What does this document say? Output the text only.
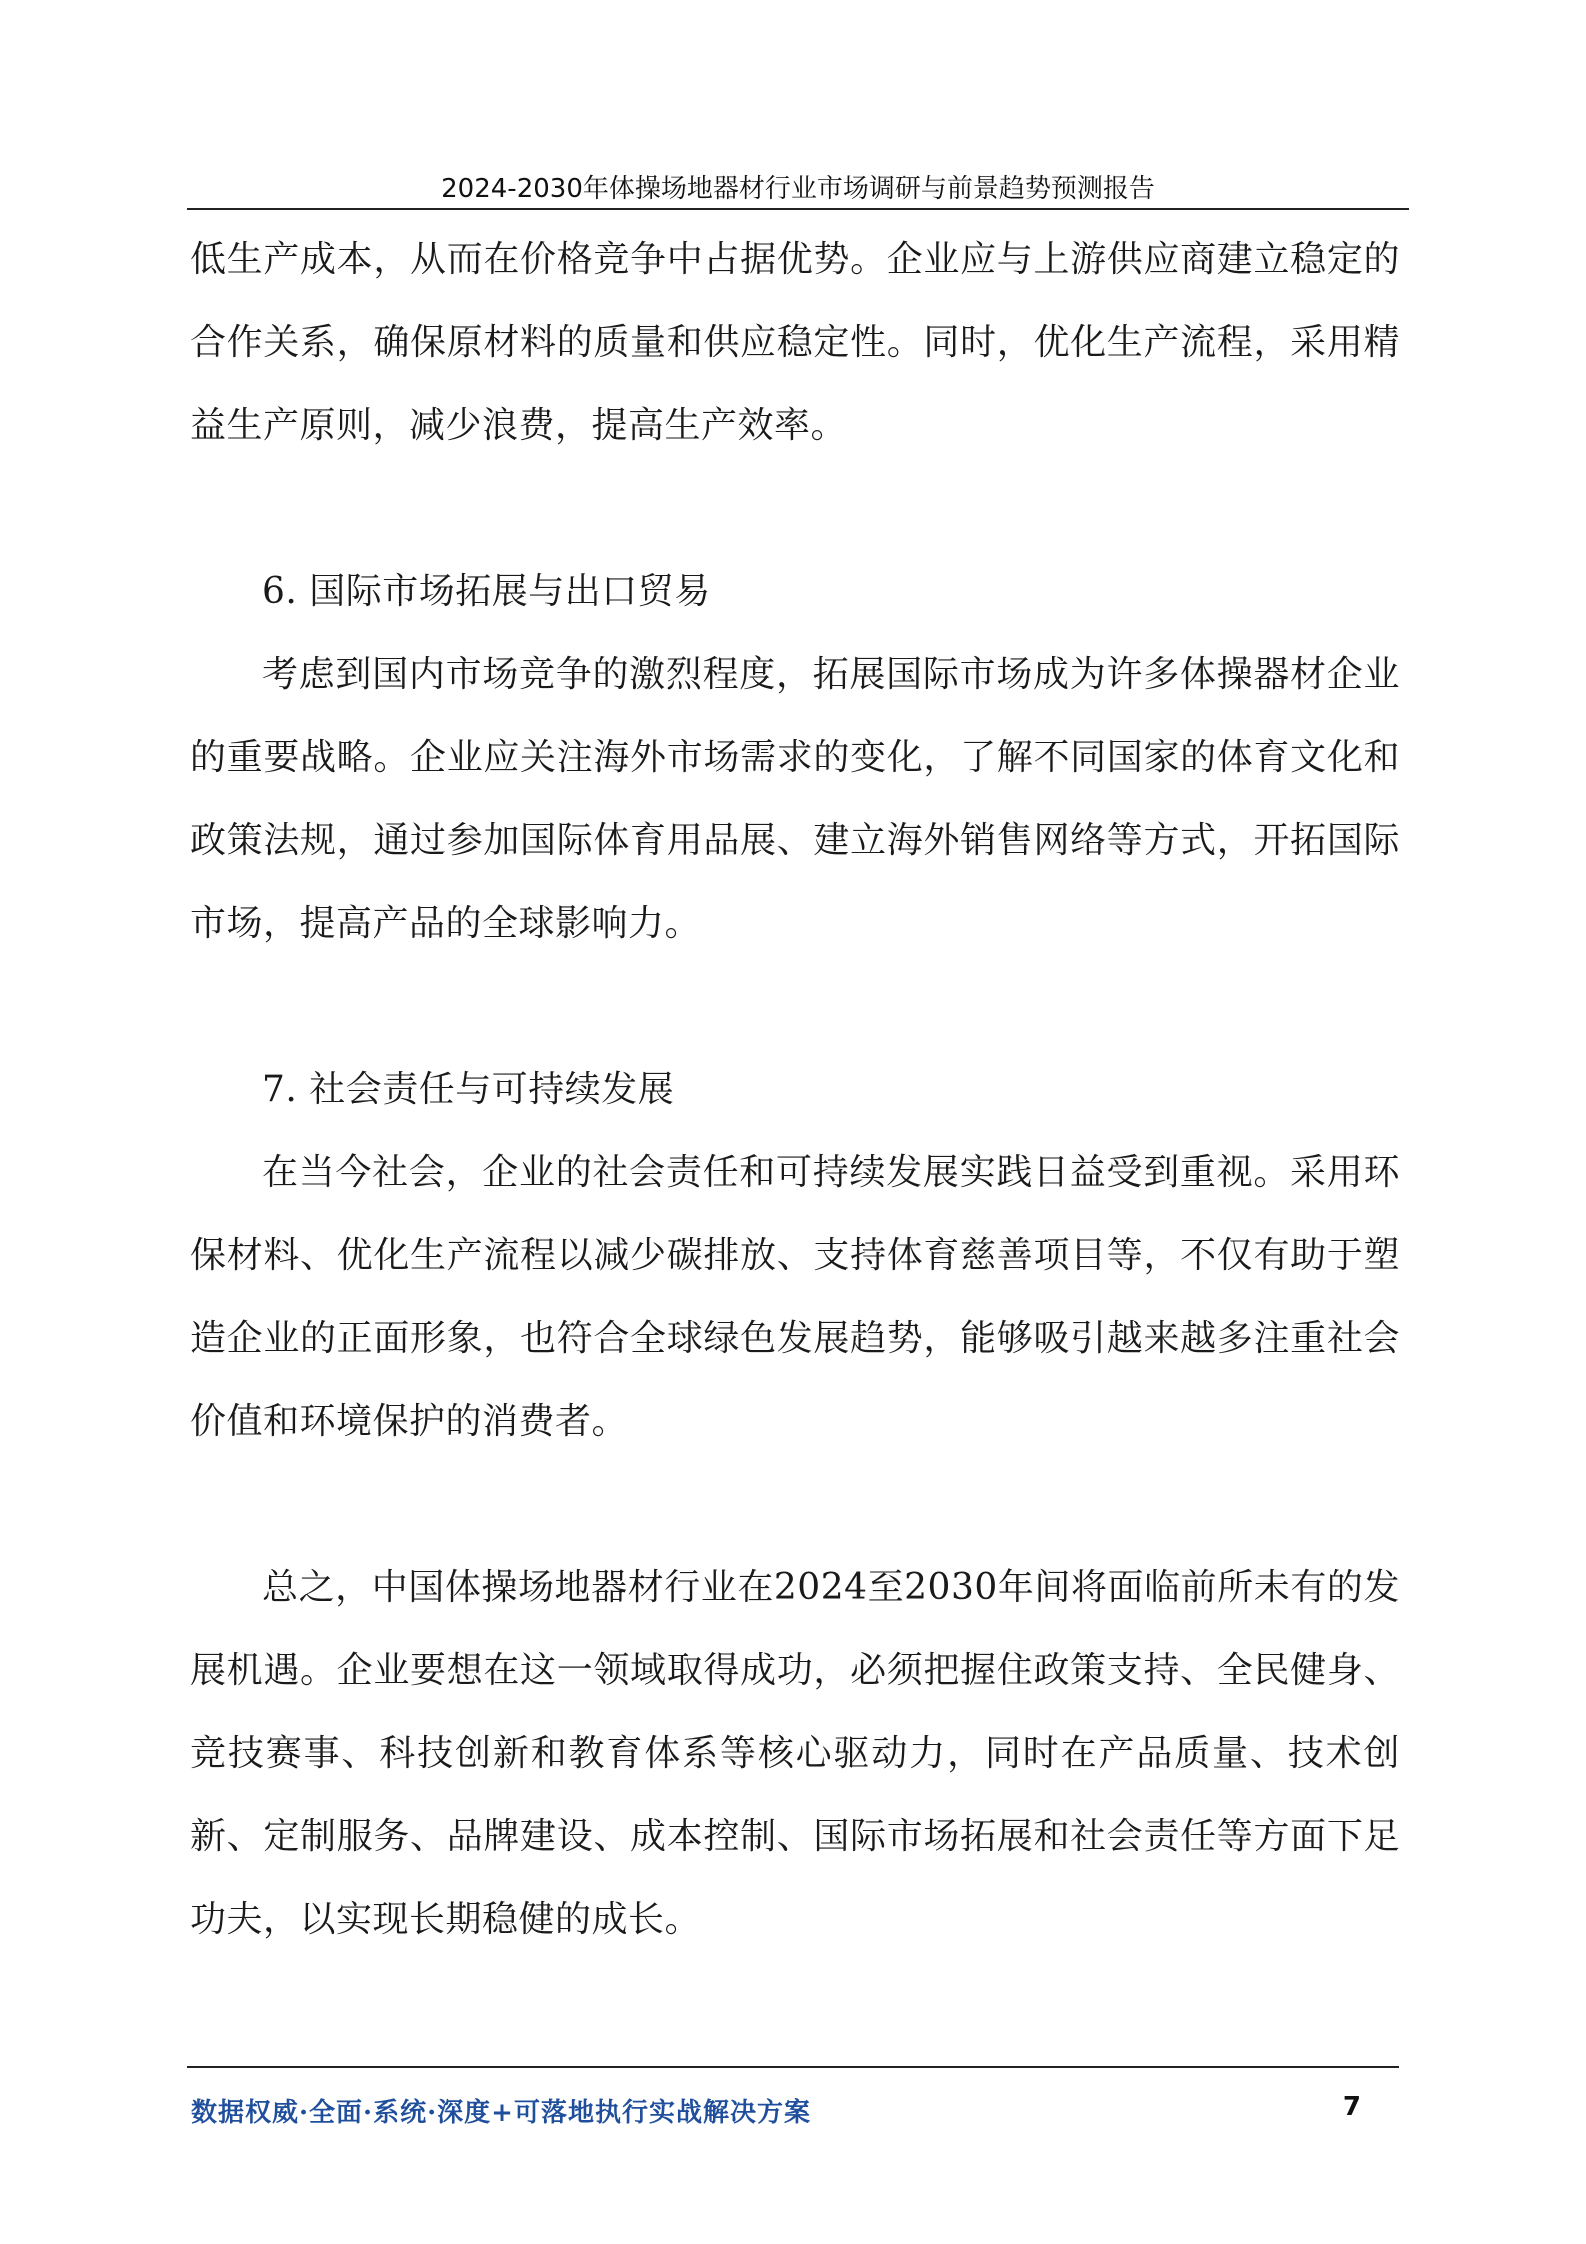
2024-2030年体操场地器材行业市场调研与前景趋势预测报告

低生产成本，从而在价格竞争中占据优势。企业应与上游供应商建立稳定的合作关系，确保原材料的质量和供应稳定性。同时，优化生产流程，采用精益生产原则，减少浪费，提高生产效率。

6. 国际市场拓展与出口贸易

考虑到国内市场竞争的激烈程度，拓展国际市场成为许多体操器材企业的重要战略。企业应关注海外市场需求的变化，了解不同国家的体育文化和政策法规，通过参加国际体育用品展、建立海外销售网络等方式，开拓国际市场，提高产品的全球影响力。

7. 社会责任与可持续发展

在当今社会，企业的社会责任和可持续发展实践日益受到重视。采用环保材料、优化生产流程以减少碳排放、支持体育慈善项目等，不仅有助于塑造企业的正面形象，也符合全球绿色发展趋势，能够吸引越来越多注重社会价值和环境保护的消费者。

总之，中国体操场地器材行业在2024至2030年间将面临前所未有的发展机遇。企业要想在这一领域取得成功，必须把握住政策支持、全民健身、竞技赛事、科技创新和教育体系等核心驱动力，同时在产品质量、技术创新、定制服务、品牌建设、成本控制、国际市场拓展和社会责任等方面下足功夫，以实现长期稳健的成长。

数据权威·全面·系统·深度+可落地执行实战解决方案	7
